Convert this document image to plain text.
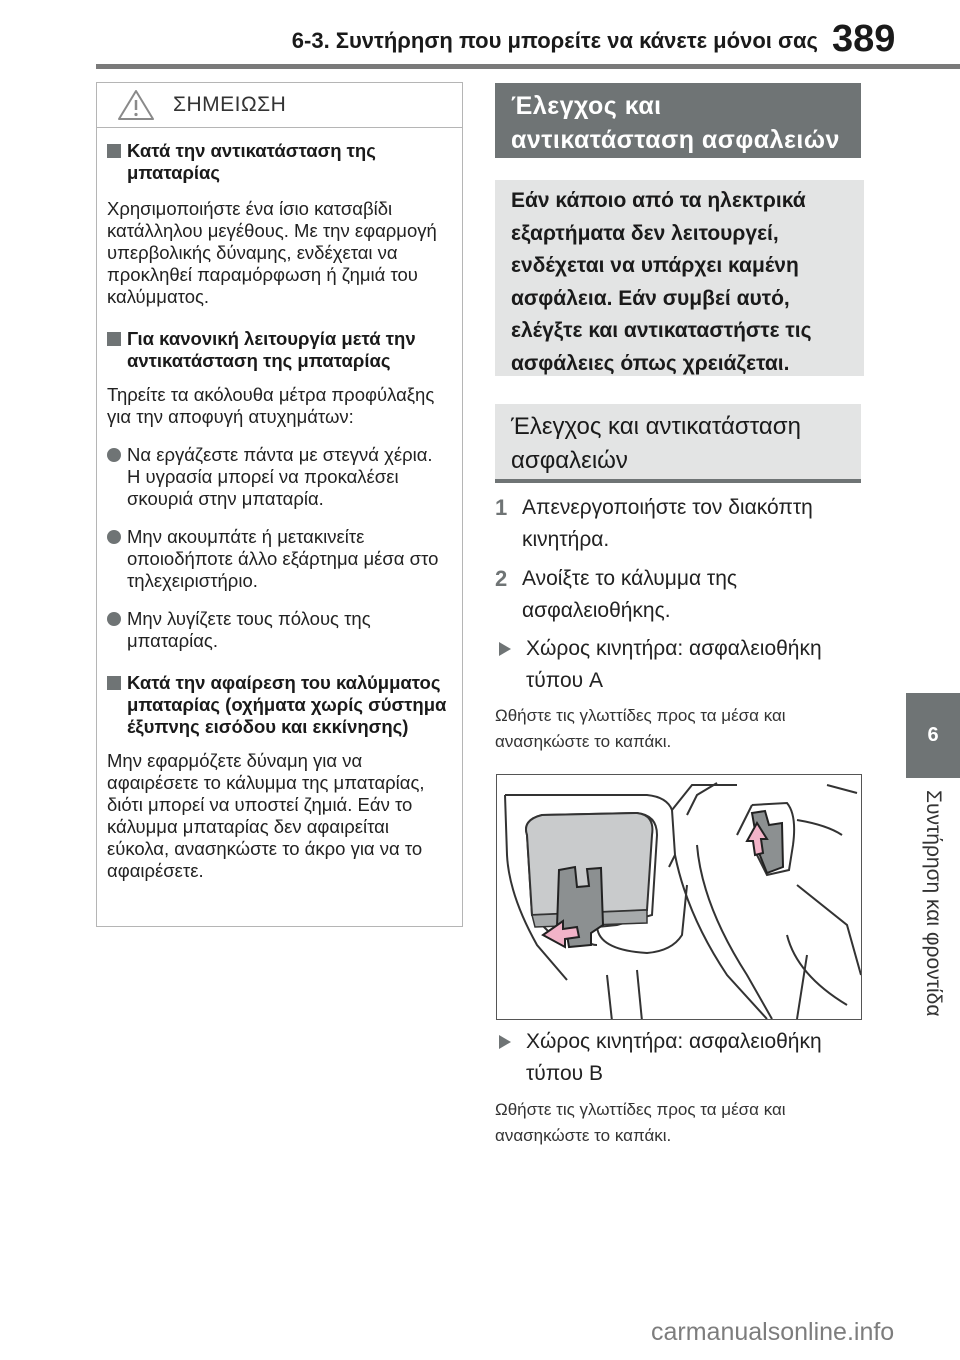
6-3. Συντήρηση που μπορείτε να κάνετε μόνοι σας 389
6
Συντήρηση και φροντίδα
ΣΗΜΕΙΩΣΗ
Κατά την αντικατάσταση της μπαταρίας
Χρησιμοποιήστε ένα ίσιο κατσαβίδι κατάλληλου μεγέθους. Με την εφαρμογή υπερβολικής δύναμης, ενδέχεται να προκληθεί παραμόρφωση ή ζημιά του καλύμματος.
Για κανονική λειτουργία μετά την αντικατάσταση της μπαταρίας
Τηρείτε τα ακόλουθα μέτρα προφύλαξης για την αποφυγή ατυχημάτων:
Να εργάζεστε πάντα με στεγνά χέρια. Η υγρασία μπορεί να προκαλέσει σκουριά στην μπαταρία.
Μην ακουμπάτε ή μετακινείτε οποιοδήποτε άλλο εξάρτημα μέσα στο τηλεχειριστήριο.
Μην λυγίζετε τους πόλους της μπαταρίας.
Κατά την αφαίρεση του καλύμματος μπαταρίας (οχήματα χωρίς σύστημα έξυπνης εισόδου και εκκίνησης)
Μην εφαρμόζετε δύναμη για να αφαιρέσετε το κάλυμμα της μπαταρίας, διότι μπορεί να υποστεί ζημιά. Εάν το κάλυμμα μπαταρίας δεν αφαιρείται εύκολα, ανασηκώστε το άκρο για να το αφαιρέσετε.
Έλεγχος και αντικατάσταση ασφαλειών
Εάν κάποιο από τα ηλεκτρικά εξαρτήματα δεν λειτουργεί, ενδέχεται να υπάρχει καμένη ασφάλεια. Εάν συμβεί αυτό, ελέγξτε και αντικαταστήστε τις ασφάλειες όπως χρειάζεται.
Έλεγχος και αντικατάσταση ασφαλειών
1 Απενεργοποιήστε τον διακόπτη κινητήρα.
2 Ανοίξτε το κάλυμμα της ασφαλειοθήκης.
Χώρος κινητήρα: ασφαλειοθήκη τύπου A
Ωθήστε τις γλωττίδες προς τα μέσα και ανασηκώστε το καπάκι.
Χώρος κινητήρα: ασφαλειοθήκη τύπου B
Ωθήστε τις γλωττίδες προς τα μέσα και ανασηκώστε το καπάκι.
carmanualsonline.info
